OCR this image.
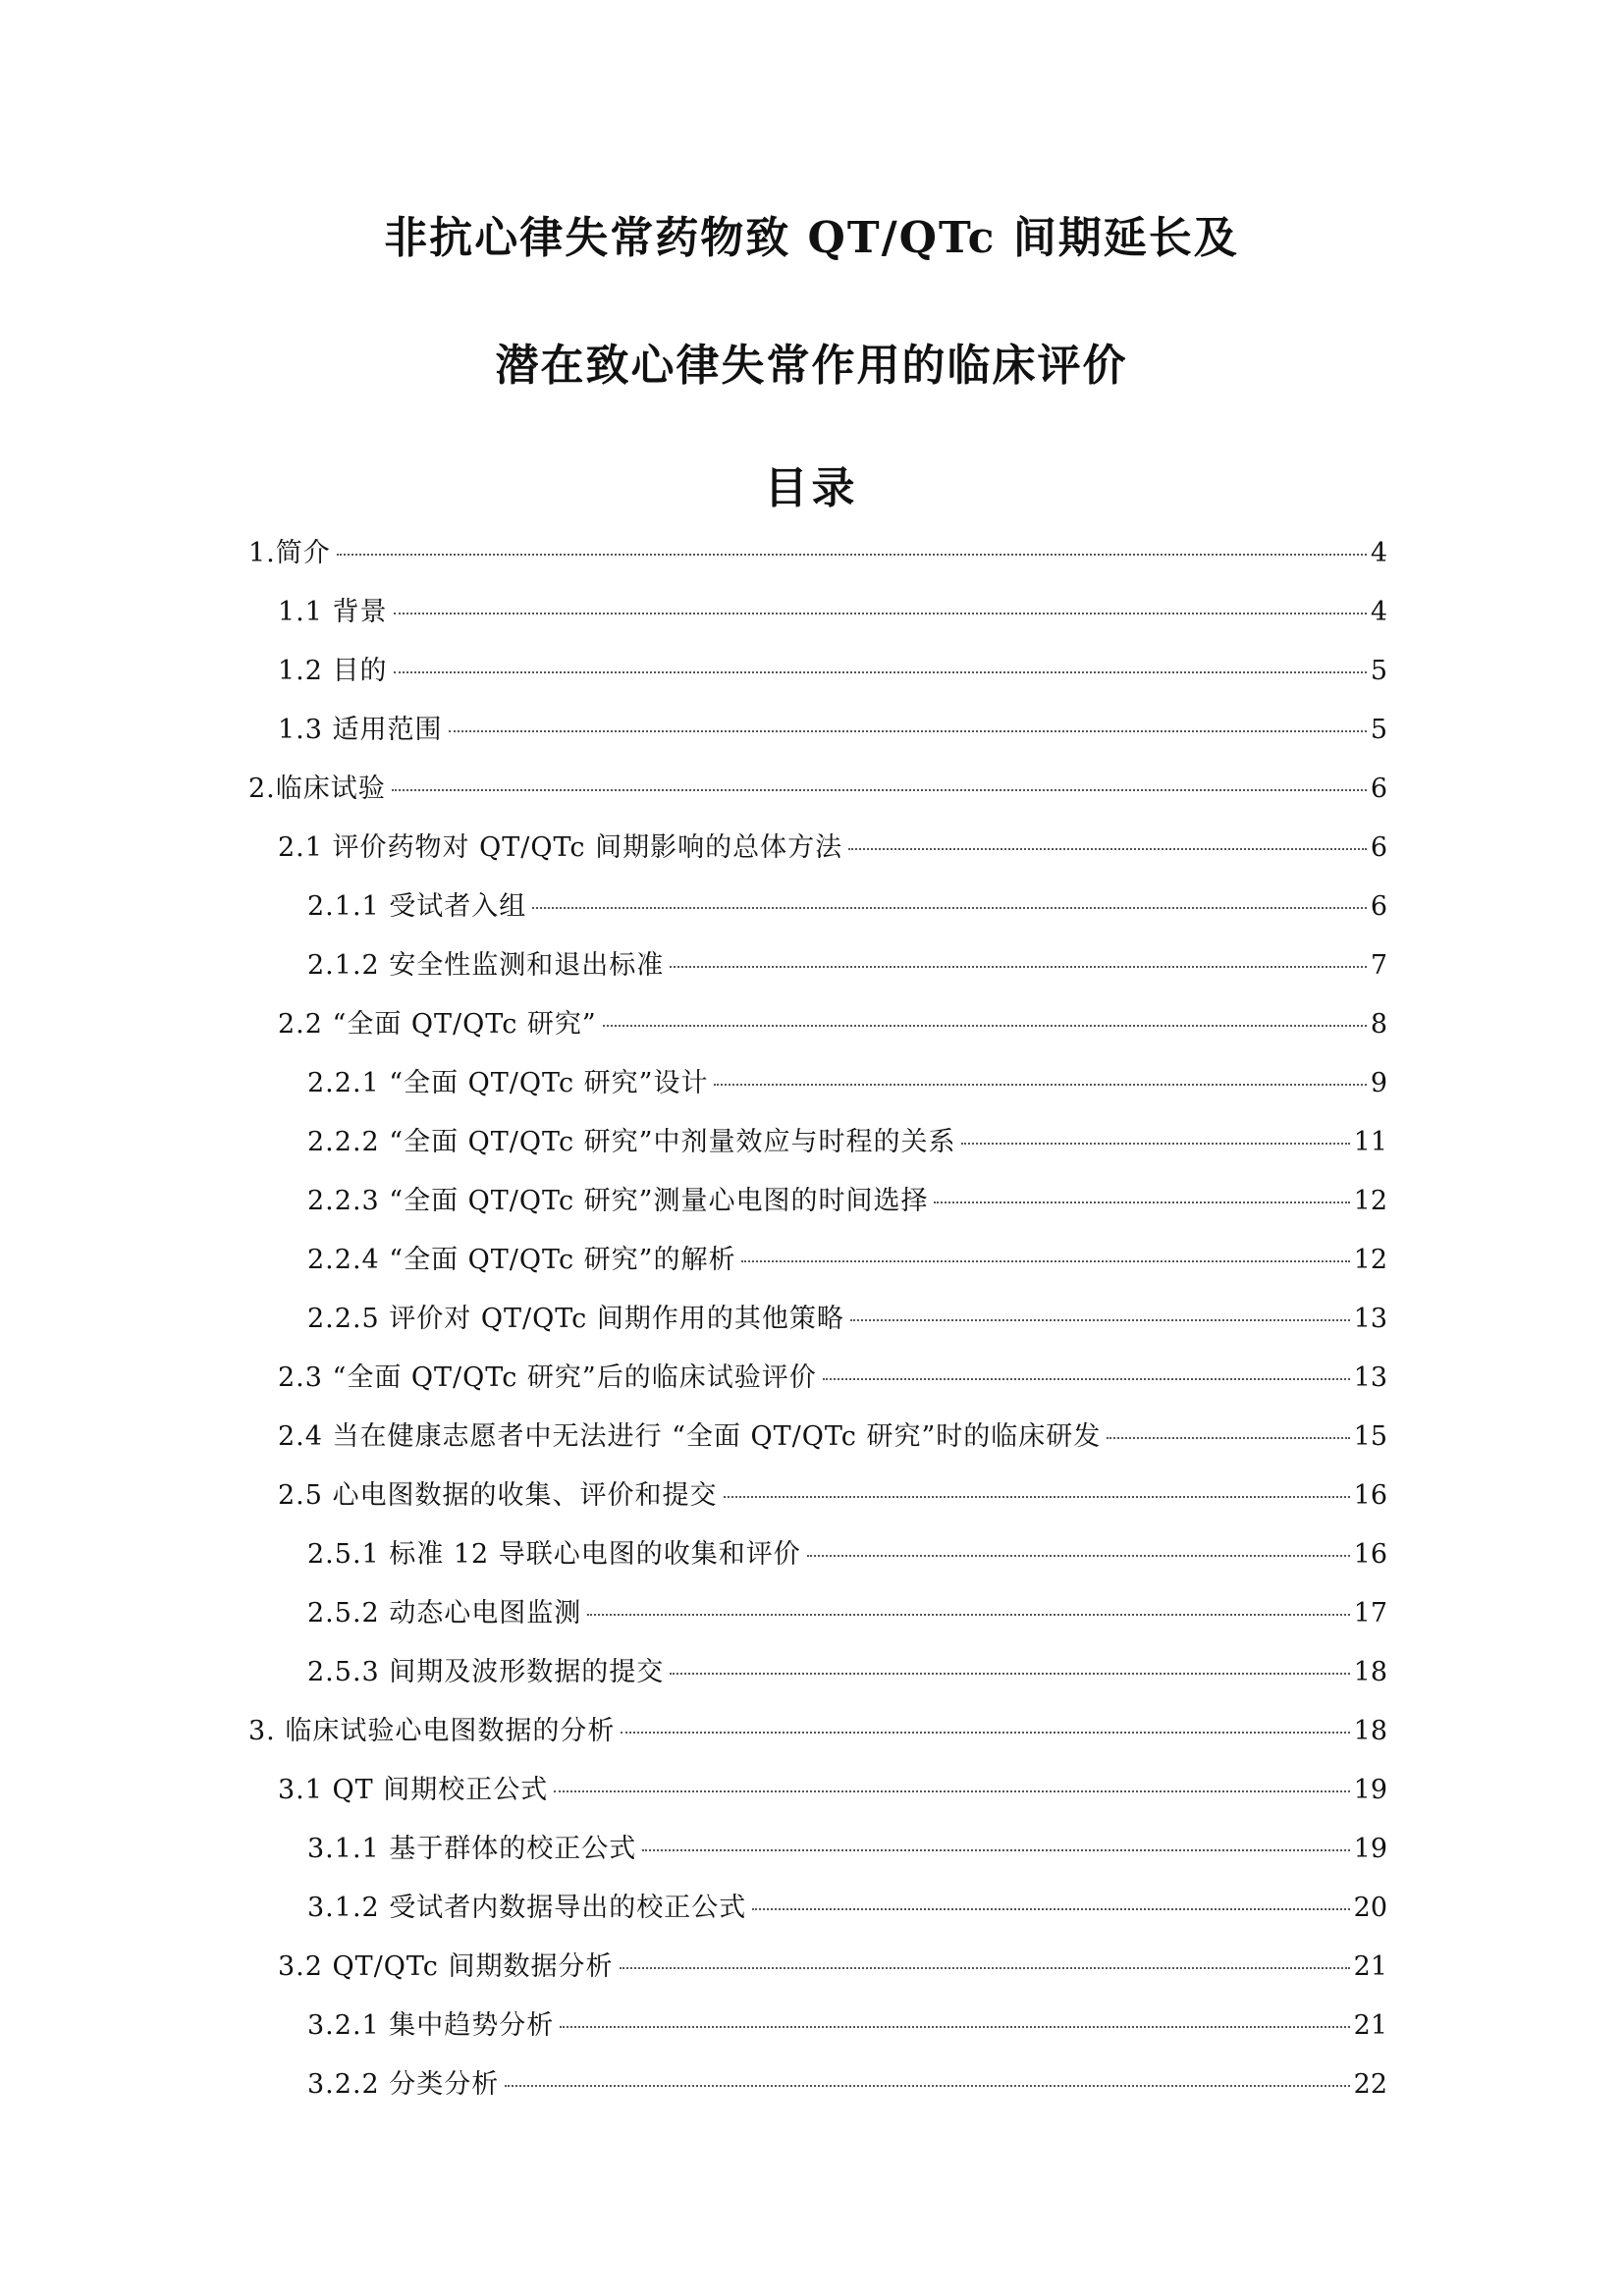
非抗心律失常药物致 QT/QTc 间期延长及
潜在致心律失常作用的临床评价
目录
1.简介	4
1.1 背景	4
1.2 目的	5
1.3 适用范围	5
2.临床试验	6
2.1 评价药物对 QT/QTc 间期影响的总体方法	6
2.1.1 受试者入组	6
2.1.2 安全性监测和退出标准	7
2.2 “全面 QT/QTc 研究”	8
2.2.1 “全面 QT/QTc 研究”设计	9
2.2.2 “全面 QT/QTc 研究”中剂量效应与时程的关系	11
2.2.3 “全面 QT/QTc 研究”测量心电图的时间选择	12
2.2.4 “全面 QT/QTc 研究”的解析	12
2.2.5 评价对 QT/QTc 间期作用的其他策略	13
2.3 “全面 QT/QTc 研究”后的临床试验评价	13
2.4 当在健康志愿者中无法进行 “全面 QT/QTc 研究”时的临床研发	15
2.5 心电图数据的收集、评价和提交	16
2.5.1 标准 12 导联心电图的收集和评价	16
2.5.2 动态心电图监测	17
2.5.3 间期及波形数据的提交	18
3. 临床试验心电图数据的分析	18
3.1 QT 间期校正公式	19
3.1.1 基于群体的校正公式	19
3.1.2 受试者内数据导出的校正公式	20
3.2 QT/QTc 间期数据分析	21
3.2.1 集中趋势分析	21
3.2.2 分类分析	22
